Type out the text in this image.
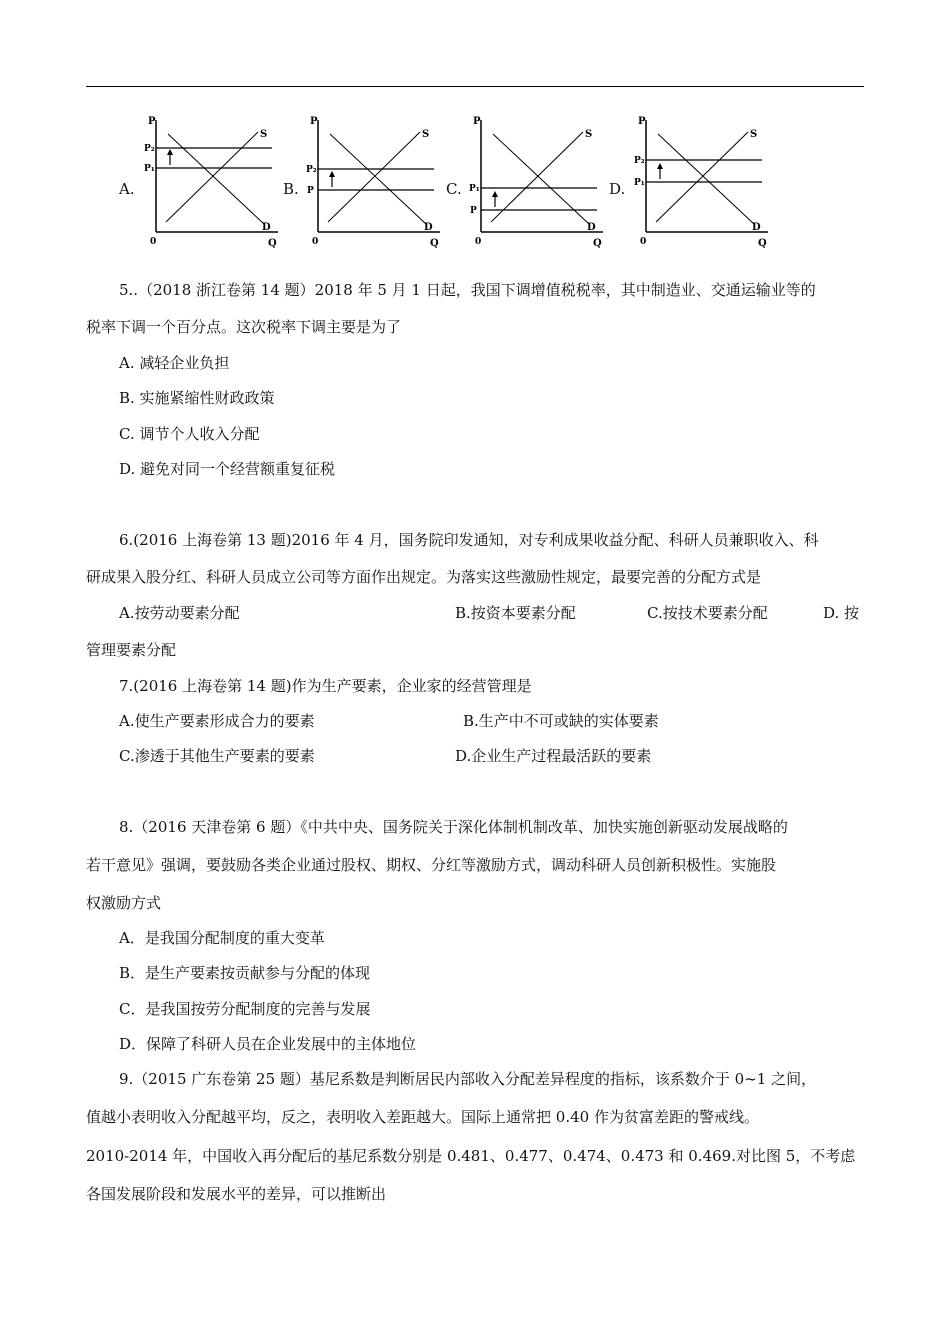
A.	B.	C.	D.
P
P₂
P₁
S
D
0	Q
P
P₂
P
S
D
0	Q
P
P₁
P
S
D
0	Q
P
P₂
P₁
S
D
0	Q
5..（2018 浙江卷第 14 题）2018 年 5 月 1 日起，我国下调增值税税率，其中制造业、交通运输业等的
税率下调一个百分点。这次税率下调主要是为了
A. 减轻企业负担
B. 实施紧缩性财政政策
C. 调节个人收入分配
D. 避免对同一个经营额重复征税
6.(2016 上海卷第 13 题)2016 年 4 月，国务院印发通知，对专利成果收益分配、科研人员兼职收入、科
研成果入股分红、科研人员成立公司等方面作出规定。为落实这些激励性规定，最要完善的分配方式是
A.按劳动要素分配	B.按资本要素分配	C.按技术要素分配	D. 按
管理要素分配
7.(2016 上海卷第 14 题)作为生产要素，企业家的经营管理是
A.使生产要素形成合力的要素	B.生产中不可或缺的实体要素
C.渗透于其他生产要素的要素	D.企业生产过程最活跃的要素
8.（2016 天津卷第 6 题）《中共中央、国务院关于深化体制机制改革、加快实施创新驱动发展战略的
若干意见》强调，要鼓励各类企业通过股权、期权、分红等激励方式，调动科研人员创新积极性。实施股
权激励方式
A．是我国分配制度的重大变革
B．是生产要素按贡献参与分配的体现
C．是我国按劳分配制度的完善与发展
D．保障了科研人员在企业发展中的主体地位
9.（2015 广东卷第 25 题）基尼系数是判断居民内部收入分配差异程度的指标，该系数介于 0~1 之间，
值越小表明收入分配越平均，反之，表明收入差距越大。国际上通常把 0.40 作为贫富差距的警戒线。
2010-2014 年，中国收入再分配后的基尼系数分别是 0.481、0.477、0.474、0.473 和 0.469.对比图 5，不考虑
各国发展阶段和发展水平的差异，可以推断出
